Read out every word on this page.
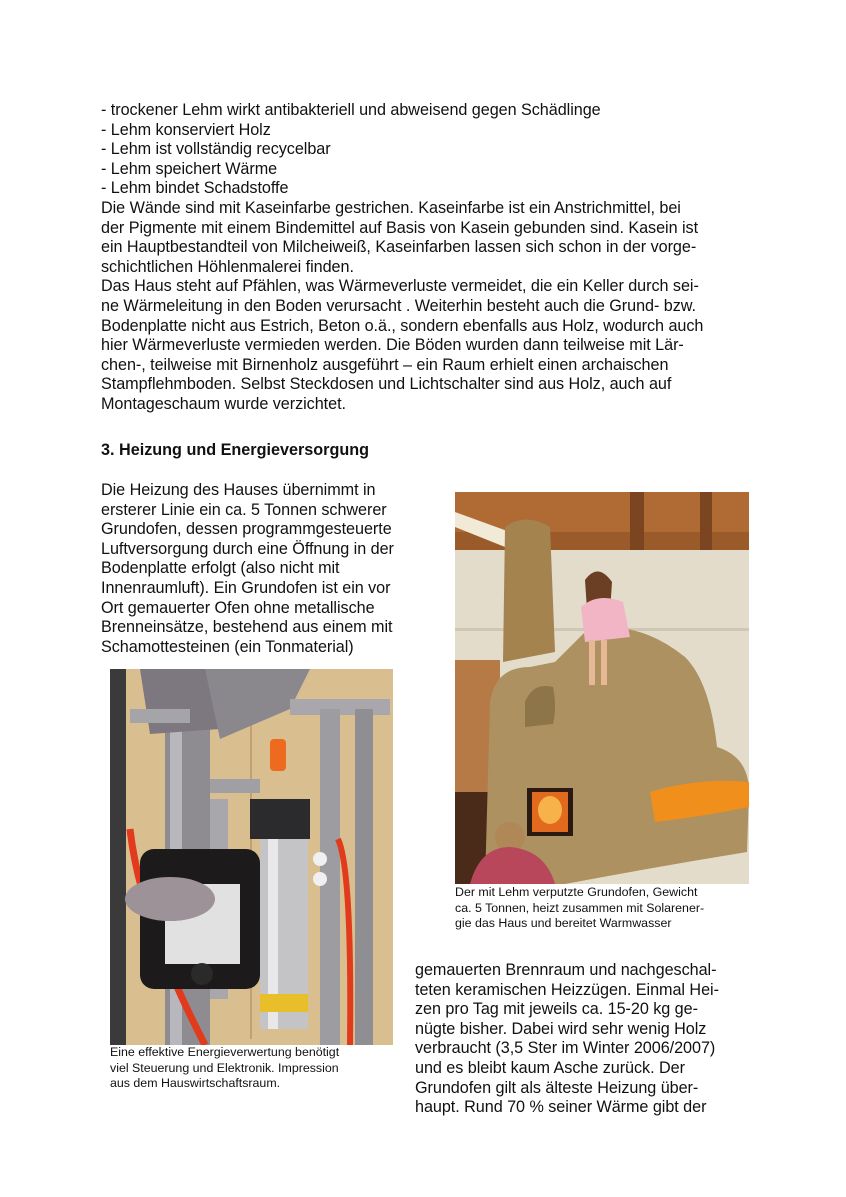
- trockener Lehm wirkt antibakteriell und abweisend gegen Schädlinge
- Lehm konserviert Holz
- Lehm ist vollständig recycelbar
- Lehm speichert Wärme
- Lehm bindet Schadstoffe
Die Wände sind mit Kaseinfarbe gestrichen. Kaseinfarbe ist ein Anstrichmittel, bei
der Pigmente mit einem Bindemittel auf Basis von Kasein gebunden sind. Kasein ist
ein Hauptbestandteil von Milcheiweiß, Kaseinfarben lassen sich schon in der vorge-
schichtlichen Höhlenmalerei finden.
Das Haus steht auf Pfählen, was Wärmeverluste vermeidet, die ein Keller durch sei-
ne Wärmeleitung in den Boden verursacht . Weiterhin besteht auch die Grund- bzw.
Bodenplatte nicht aus Estrich, Beton o.ä., sondern ebenfalls aus Holz, wodurch auch
hier Wärmeverluste vermieden werden. Die Böden wurden dann teilweise mit Lär-
chen-, teilweise mit Birnenholz ausgeführt – ein Raum erhielt einen archaischen
Stampflehmboden. Selbst Steckdosen und Lichtschalter sind aus Holz, auch auf
Montageschaum wurde verzichtet.
3. Heizung und Energieversorgung
Die Heizung des Hauses übernimmt in
ersterer Linie ein ca. 5 Tonnen schwerer
Grundofen, dessen programmgesteuerte
Luftversorgung durch eine Öffnung in der
Bodenplatte erfolgt (also nicht mit
Innenraumluft). Ein Grundofen ist ein vor
Ort gemauerter Ofen ohne metallische
Brenneinsätze, bestehend aus einem mit
Schamottesteinen (ein Tonmaterial)
Der mit Lehm verputzte Grundofen, Gewicht
ca. 5 Tonnen, heizt zusammen mit Solarener-
gie das Haus und bereitet Warmwasser
Eine effektive Energieverwertung benötigt
viel Steuerung und Elektronik. Impression
aus dem Hauswirtschaftsraum.
gemauerten Brennraum und nachgeschal-
teten keramischen Heizzügen. Einmal Hei-
zen pro Tag mit jeweils ca. 15-20 kg ge-
nügte bisher. Dabei wird sehr wenig Holz
verbraucht (3,5 Ster im Winter 2006/2007)
und es bleibt kaum Asche zurück. Der
Grundofen gilt als älteste Heizung über-
haupt. Rund 70 % seiner Wärme gibt der
